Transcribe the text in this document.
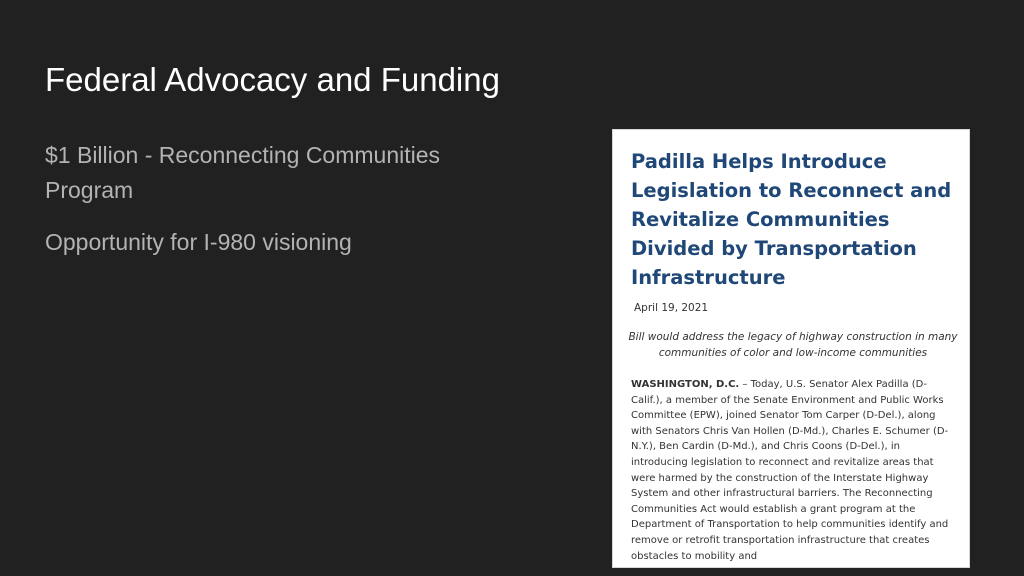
Federal Advocacy and Funding

$1 Billion - Reconnecting Communities Program

Opportunity for I-980 visioning

Padilla Helps Introduce Legislation to Reconnect and Revitalize Communities Divided by Transportation Infrastructure
April 19, 2021

Bill would address the legacy of highway construction in many communities of color and low-income communities

WASHINGTON, D.C. – Today, U.S. Senator Alex Padilla (D-Calif.), a member of the Senate Environment and Public Works Committee (EPW), joined Senator Tom Carper (D-Del.), along with Senators Chris Van Hollen (D-Md.), Charles E. Schumer (D-N.Y.), Ben Cardin (D-Md.), and Chris Coons (D-Del.), in introducing legislation to reconnect and revitalize areas that were harmed by the construction of the Interstate Highway System and other infrastructural barriers. The Reconnecting Communities Act would establish a grant program at the Department of Transportation to help communities identify and remove or retrofit transportation infrastructure that creates obstacles to mobility and
